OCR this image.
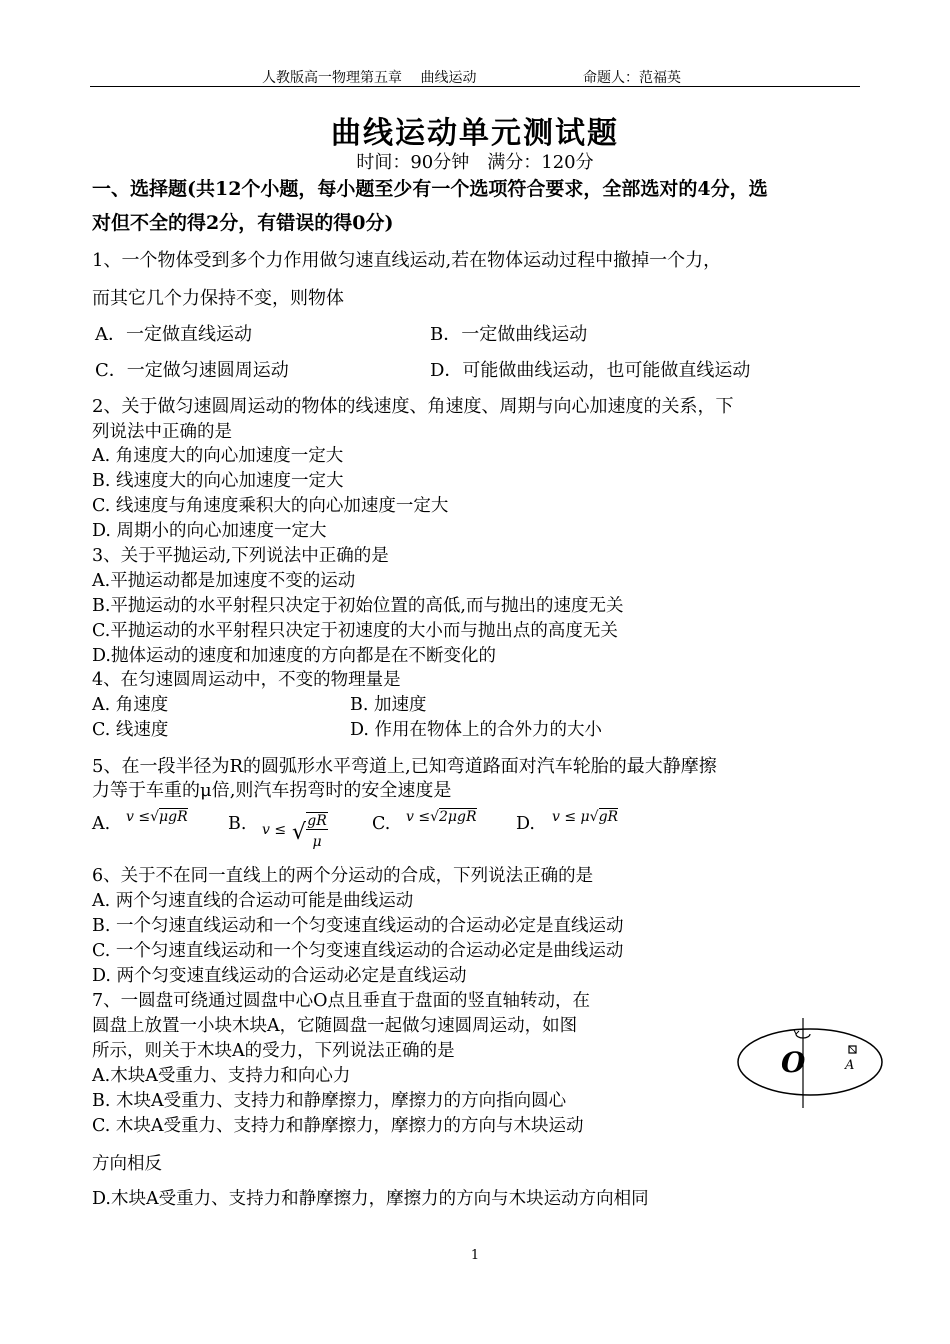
人教版高一物理第五章　 曲线运动	命题人：范福英
曲线运动单元测试题
时间：90分钟　满分：120分
一、选择题(共12个小题，每小题至少有一个选项符合要求，全部选对的4分，选
对但不全的得2分，有错误的得0分)
1、一个物体受到多个力作用做匀速直线运动,若在物体运动过程中撤掉一个力，
而其它几个力保持不变，则物体
A．一定做直线运动	B．一定做曲线运动
C．一定做匀速圆周运动	D．可能做曲线运动，也可能做直线运动
2、关于做匀速圆周运动的物体的线速度、角速度、周期与向心加速度的关系，下
列说法中正确的是
A. 角速度大的向心加速度一定大
B. 线速度大的向心加速度一定大
C. 线速度与角速度乘积大的向心加速度一定大
D. 周期小的向心加速度一定大
3、关于平抛运动,下列说法中正确的是
A.平抛运动都是加速度不变的运动
B.平抛运动的水平射程只决定于初始位置的高低,而与抛出的速度无关
C.平抛运动的水平射程只决定于初速度的大小而与抛出点的高度无关
D.抛体运动的速度和加速度的方向都是在不断变化的
4、在匀速圆周运动中，不变的物理量是
A. 角速度	B. 加速度
C. 线速度	D. 作用在物体上的合外力的大小
5、在一段半径为R的圆弧形水平弯道上,已知弯道路面对汽车轮胎的最大静摩擦
力等于车重的μ倍,则汽车拐弯时的安全速度是
A. v ≤√μgR B. v ≤ √ gR
μ
C. v ≤√2μgR D. v ≤ μ√gR
6、关于不在同一直线上的两个分运动的合成，下列说法正确的是
A. 两个匀速直线的合运动可能是曲线运动
B. 一个匀速直线运动和一个匀变速直线运动的合运动必定是直线运动
C. 一个匀速直线运动和一个匀变速直线运动的合运动必定是曲线运动
D. 两个匀变速直线运动的合运动必定是直线运动
7、一圆盘可绕通过圆盘中心O点且垂直于盘面的竖直轴转动，在
圆盘上放置一小块木块A，它随圆盘一起做匀速圆周运动，如图
所示，则关于木块A的受力，下列说法正确的是
A.木块A受重力、支持力和向心力
B. 木块A受重力、支持力和静摩擦力，摩擦力的方向指向圆心
C. 木块A受重力、支持力和静摩擦力，摩擦力的方向与木块运动
方向相反
D.木块A受重力、支持力和静摩擦力，摩擦力的方向与木块运动方向相同
O	A
1
